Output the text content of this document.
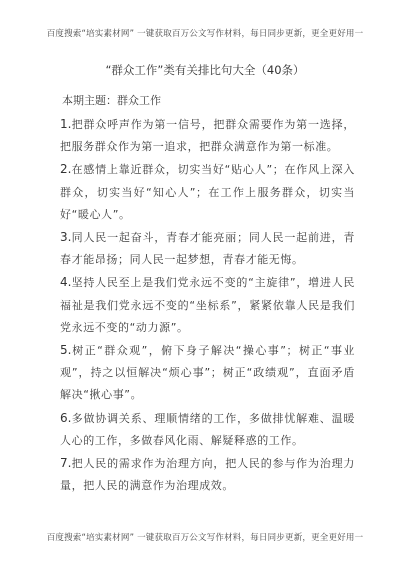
百度搜索“培实素材网” 一键获取百万公文写作材料，每日同步更新，更全更好用一
“群众工作”类有关排比句大全（40条）
本期主题：群众工作
1.把群众呼声作为第一信号，把群众需要作为第一选择，把服务群众作为第一追求，把群众满意作为第一标准。
2.在感情上靠近群众，切实当好“贴心人”；在作风上深入群众，切实当好“知心人”；在工作上服务群众，切实当好“暖心人”。
3.同人民一起奋斗，青春才能亮丽；同人民一起前进，青春才能昂扬；同人民一起梦想，青春才能无悔。
4.坚持人民至上是我们党永远不变的“主旋律”，增进人民福祉是我们党永远不变的“坐标系”，紧紧依靠人民是我们党永远不变的“动力源”。
5.树正“群众观”，俯下身子解决“操心事”；树正“事业观”，持之以恒解决“烦心事”；树正“政绩观”，直面矛盾解决“揪心事”。
6.多做协调关系、理顺情绪的工作，多做排忧解难、温暖人心的工作，多做春风化雨、解疑释惑的工作。
7.把人民的需求作为治理方向，把人民的参与作为治理力量，把人民的满意作为治理成效。
百度搜索“培实素材网” 一键获取百万公文写作材料，每日同步更新，更全更好用一
